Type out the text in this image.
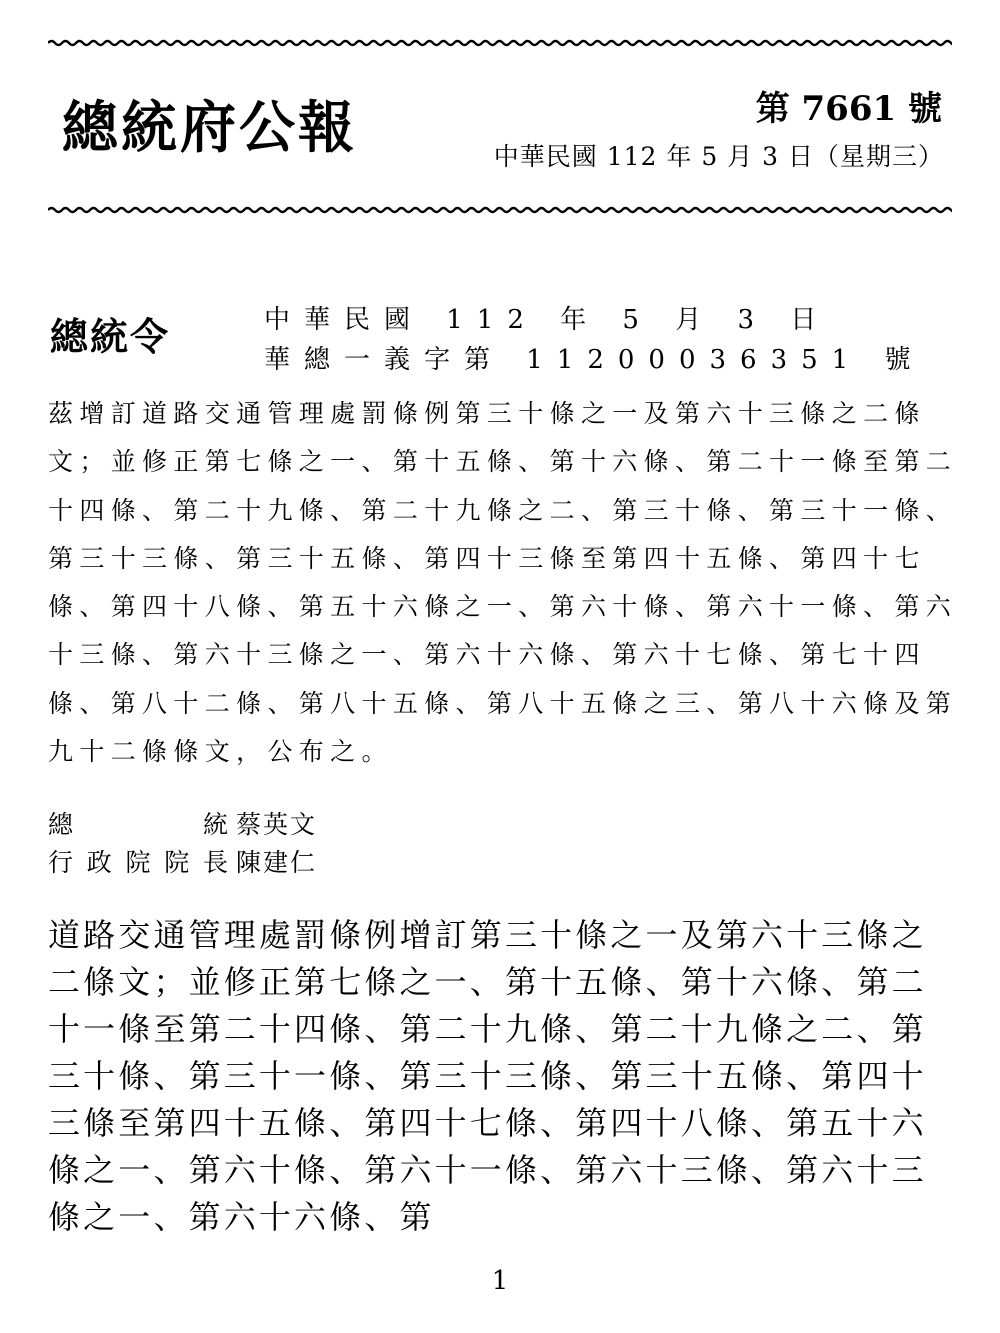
總統府公報	第 7661 號
中華民國 112 年 5 月 3 日（星期三）
總統令	中華民國 112 年 5 月 3 日
華總一義字第 11200036351 號

茲增訂道路交通管理處罰條例第三十條之一及第六十三條之二條文；並修正第七條之一、第十五條、第十六條、第二十一條至第二十四條、第二十九條、第二十九條之二、第三十條、第三十一條、第三十三條、第三十五條、第四十三條至第四十五條、第四十七條、第四十八條、第五十六條之一、第六十條、第六十一條、第六十三條、第六十三條之一、第六十六條、第六十七條、第七十四條、第八十二條、第八十五條、第八十五條之三、第八十六條及第九十二條條文，公布之。

總統 蔡英文
行政院院長 陳建仁

道路交通管理處罰條例增訂第三十條之一及第六十三條之二條文；並修正第七條之一、第十五條、第十六條、第二十一條至第二十四條、第二十九條、第二十九條之二、第三十條、第三十一條、第三十三條、第三十五條、第四十三條至第四十五條、第四十七條、第四十八條、第五十六條之一、第六十條、第六十一條、第六十三條、第六十三條之一、第六十六條、第

1
